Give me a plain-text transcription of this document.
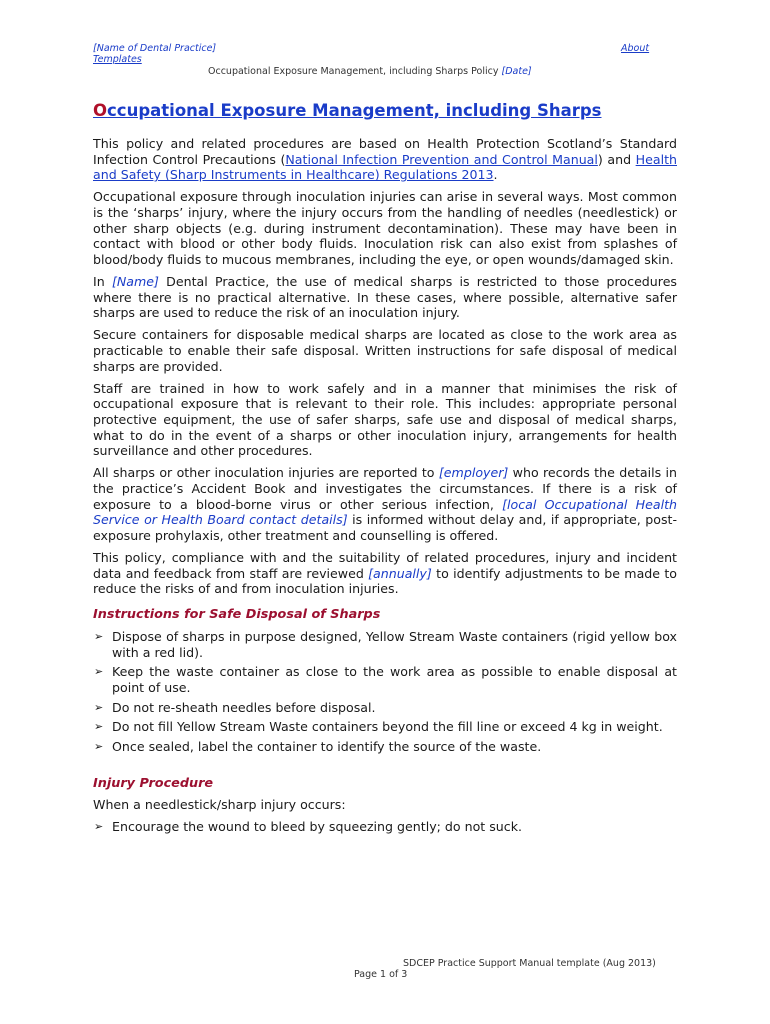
[Name of Dental Practice]	About
Templates
Occupational Exposure Management, including Sharps Policy [Date]
Occupational Exposure Management, including Sharps

This policy and related procedures are based on Health Protection Scotland’s Standard Infection Control Precautions (National Infection Prevention and Control Manual) and Health and Safety (Sharp Instruments in Healthcare) Regulations 2013.

Occupational exposure through inoculation injuries can arise in several ways. Most common is the ‘sharps’ injury, where the injury occurs from the handling of needles (needlestick) or other sharp objects (e.g. during instrument decontamination). These may have been in contact with blood or other body fluids. Inoculation risk can also exist from splashes of blood/body fluids to mucous membranes, including the eye, or open wounds/damaged skin.

In [Name] Dental Practice, the use of medical sharps is restricted to those procedures where there is no practical alternative. In these cases, where possible, alternative safer sharps are used to reduce the risk of an inoculation injury.

Secure containers for disposable medical sharps are located as close to the work area as practicable to enable their safe disposal. Written instructions for safe disposal of medical sharps are provided.

Staff are trained in how to work safely and in a manner that minimises the risk of occupational exposure that is relevant to their role. This includes: appropriate personal protective equipment, the use of safer sharps, safe use and disposal of medical sharps, what to do in the event of a sharps or other inoculation injury, arrangements for health surveillance and other procedures.

All sharps or other inoculation injuries are reported to [employer] who records the details in the practice’s Accident Book and investigates the circumstances. If there is a risk of exposure to a blood-borne virus or other serious infection, [local Occupational Health Service or Health Board contact details] is informed without delay and, if appropriate, post-exposure prohylaxis, other treatment and counselling is offered.

This policy, compliance with and the suitability of related procedures, injury and incident data and feedback from staff are reviewed [annually] to identify adjustments to be made to reduce the risks of and from inoculation injuries.

Instructions for Safe Disposal of Sharps
➢ Dispose of sharps in purpose designed, Yellow Stream Waste containers (rigid yellow box with a red lid).
➢ Keep the waste container as close to the work area as possible to enable disposal at point of use.
➢ Do not re-sheath needles before disposal.
➢ Do not fill Yellow Stream Waste containers beyond the fill line or exceed 4 kg in weight.
➢ Once sealed, label the container to identify the source of the waste.
Injury Procedure

When a needlestick/sharp injury occurs:

➢ Encourage the wound to bleed by squeezing gently; do not suck.
SDCEP Practice Support Manual template (Aug 2013)
Page 1 of 3
